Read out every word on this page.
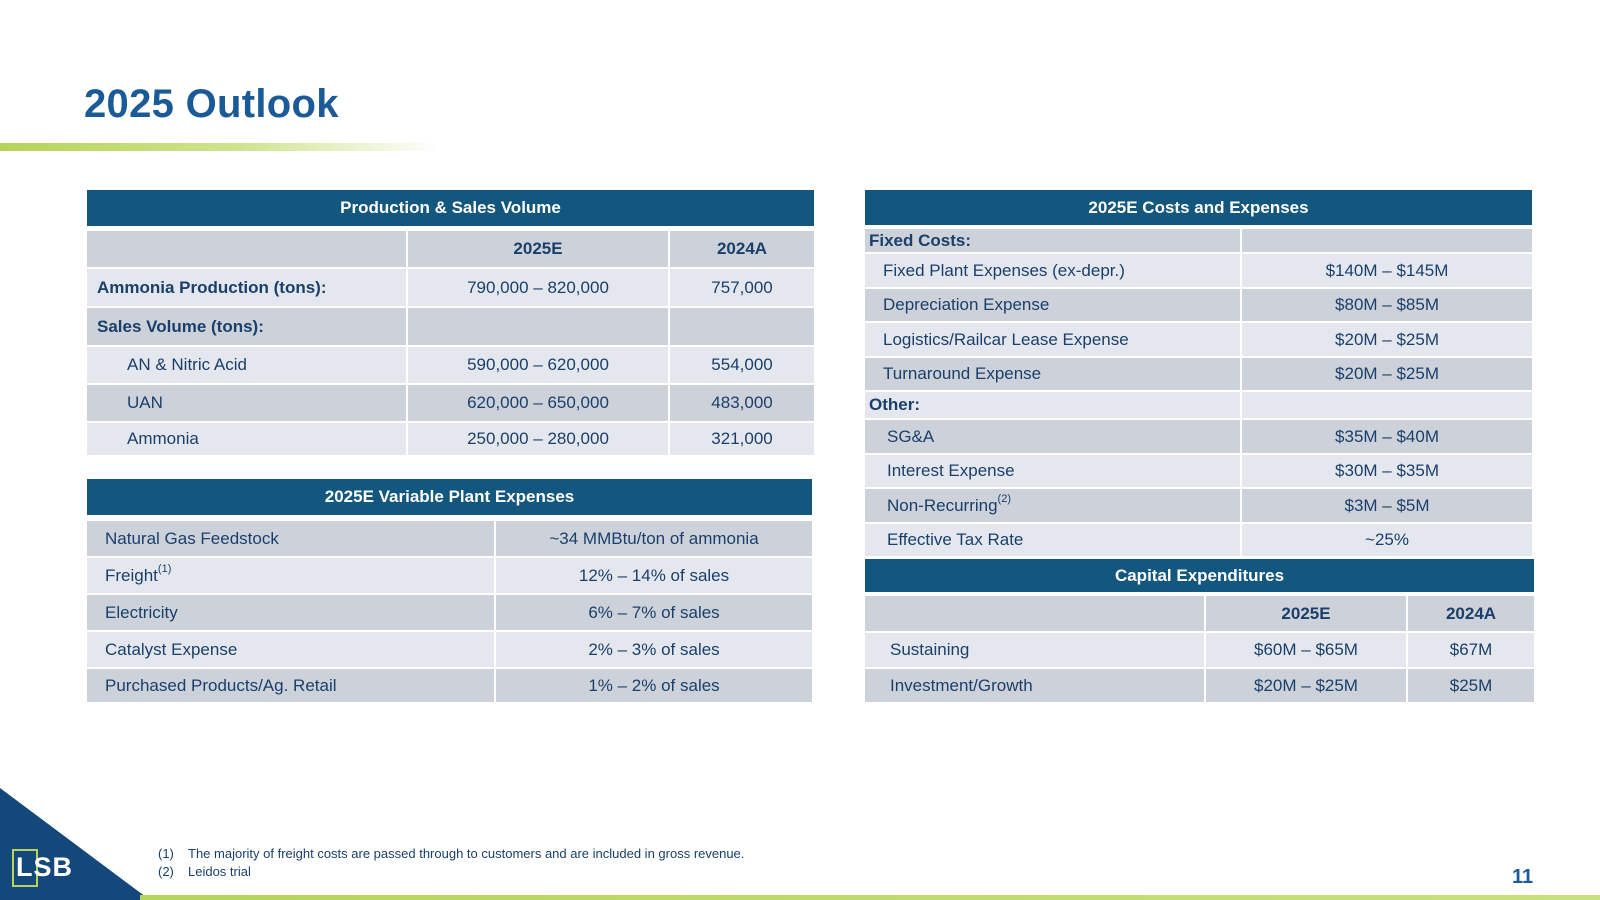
2025 Outlook
Production & Sales Volume		

	2025E	2024A
Ammonia Production (tons):	790,000 – 820,000	757,000
Sales Volume (tons):		
AN & Nitric Acid	590,000 – 620,000	554,000
UAN	620,000 – 650,000	483,000
Ammonia	250,000 – 280,000	321,000
2025E Variable Plant Expenses	

Natural Gas Feedstock	~34 MMBtu/ton of ammonia
Freight$^{(1)}$	12% – 14% of sales
Electricity	6% – 7% of sales
Catalyst Expense	2% – 3% of sales
Purchased Products/Ag. Retail	1% – 2% of sales
2025E Costs and Expenses	

Fixed Costs:	
Fixed Plant Expenses (ex-depr.)	$140M – $145M
Depreciation Expense	$80M – $85M
Logistics/Railcar Lease Expense	$20M – $25M
Turnaround Expense	$20M – $25M
Other:	
SG&A	$35M – $40M
Interest Expense	$30M – $35M
Non-Recurring$^{(2)}$	$3M – $5M
Effective Tax Rate	~25%
Capital Expenditures		

	2025E	2024A
Sustaining	$60M – $65M	$67M
Investment/Growth	$20M – $25M	$25M
LSB	(1) The majority of freight costs are passed through to customers and are included in gross revenue.
(2) Leidos trial	11
